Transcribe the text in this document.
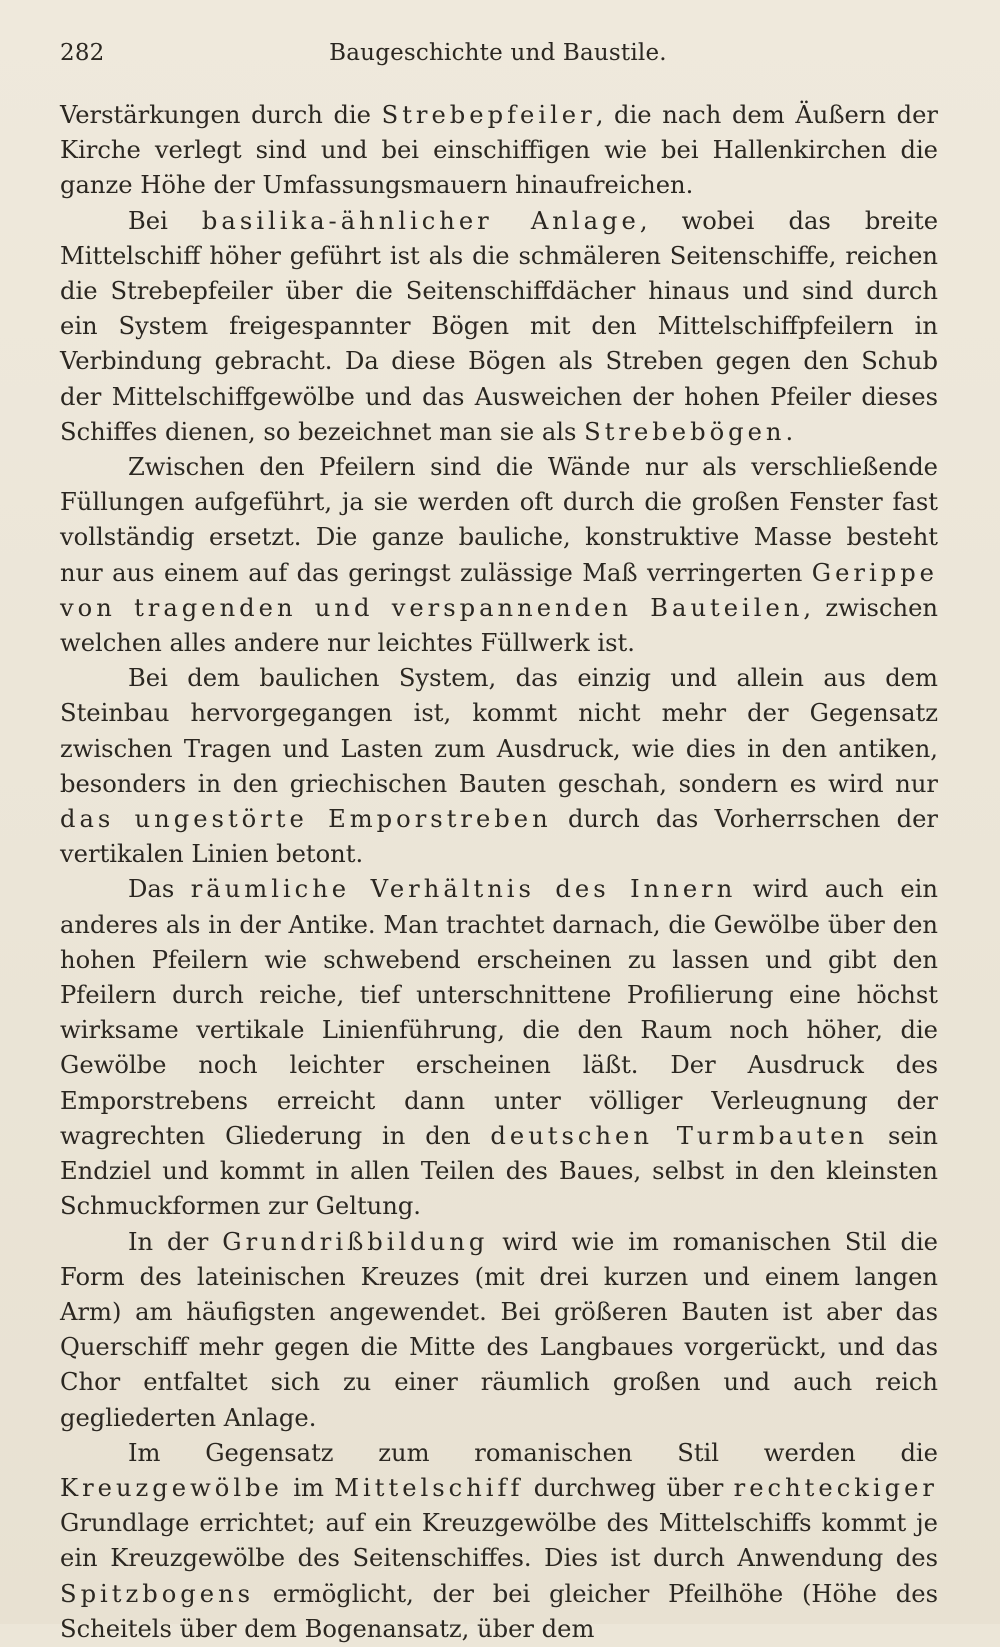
282	Baugeschichte und Baustile.

Verstärkungen durch die Strebepfeiler, die nach dem Äußern der Kirche verlegt sind und bei einschiffigen wie bei Hallenkirchen die ganze Höhe der Umfassungsmauern hinaufreichen.

Bei basilika-ähnlicher Anlage, wobei das breite Mittelschiff höher geführt ist als die schmäleren Seitenschiffe, reichen die Strebepfeiler über die Seitenschiffdächer hinaus und sind durch ein System freigespannter Bögen mit den Mittelschiffpfeilern in Verbindung gebracht. Da diese Bögen als Streben gegen den Schub der Mittelschiffgewölbe und das Ausweichen der hohen Pfeiler dieses Schiffes dienen, so bezeichnet man sie als Strebebögen.

Zwischen den Pfeilern sind die Wände nur als verschließende Füllungen aufgeführt, ja sie werden oft durch die großen Fenster fast vollständig ersetzt. Die ganze bauliche, konstruktive Masse besteht nur aus einem auf das geringst zulässige Maß verringerten Gerippe von tragenden und verspannenden Bauteilen, zwischen welchen alles andere nur leichtes Füllwerk ist.

Bei dem baulichen System, das einzig und allein aus dem Steinbau hervorgegangen ist, kommt nicht mehr der Gegensatz zwischen Tragen und Lasten zum Ausdruck, wie dies in den antiken, besonders in den griechischen Bauten geschah, sondern es wird nur das ungestörte Emporstreben durch das Vorherrschen der vertikalen Linien betont.

Das räumliche Verhältnis des Innern wird auch ein anderes als in der Antike. Man trachtet darnach, die Gewölbe über den hohen Pfeilern wie schwebend erscheinen zu lassen und gibt den Pfeilern durch reiche, tief unterschnittene Profilierung eine höchst wirksame vertikale Linienführung, die den Raum noch höher, die Gewölbe noch leichter erscheinen läßt. Der Ausdruck des Emporstrebens erreicht dann unter völliger Verleugnung der wagrechten Gliederung in den deutschen Turmbauten sein Endziel und kommt in allen Teilen des Baues, selbst in den kleinsten Schmuckformen zur Geltung.

In der Grundrißbildung wird wie im romanischen Stil die Form des lateinischen Kreuzes (mit drei kurzen und einem langen Arm) am häufigsten angewendet. Bei größeren Bauten ist aber das Querschiff mehr gegen die Mitte des Langbaues vorgerückt, und das Chor entfaltet sich zu einer räumlich großen und auch reich gegliederten Anlage.

Im Gegensatz zum romanischen Stil werden die Kreuzgewölbe im Mittelschiff durchweg über rechteckiger Grundlage errichtet; auf ein Kreuzgewölbe des Mittelschiffs kommt je ein Kreuzgewölbe des Seitenschiffes. Dies ist durch Anwendung des Spitzbogens ermöglicht, der bei gleicher Pfeilhöhe (Höhe des Scheitels über dem Bogenansatz, über dem
